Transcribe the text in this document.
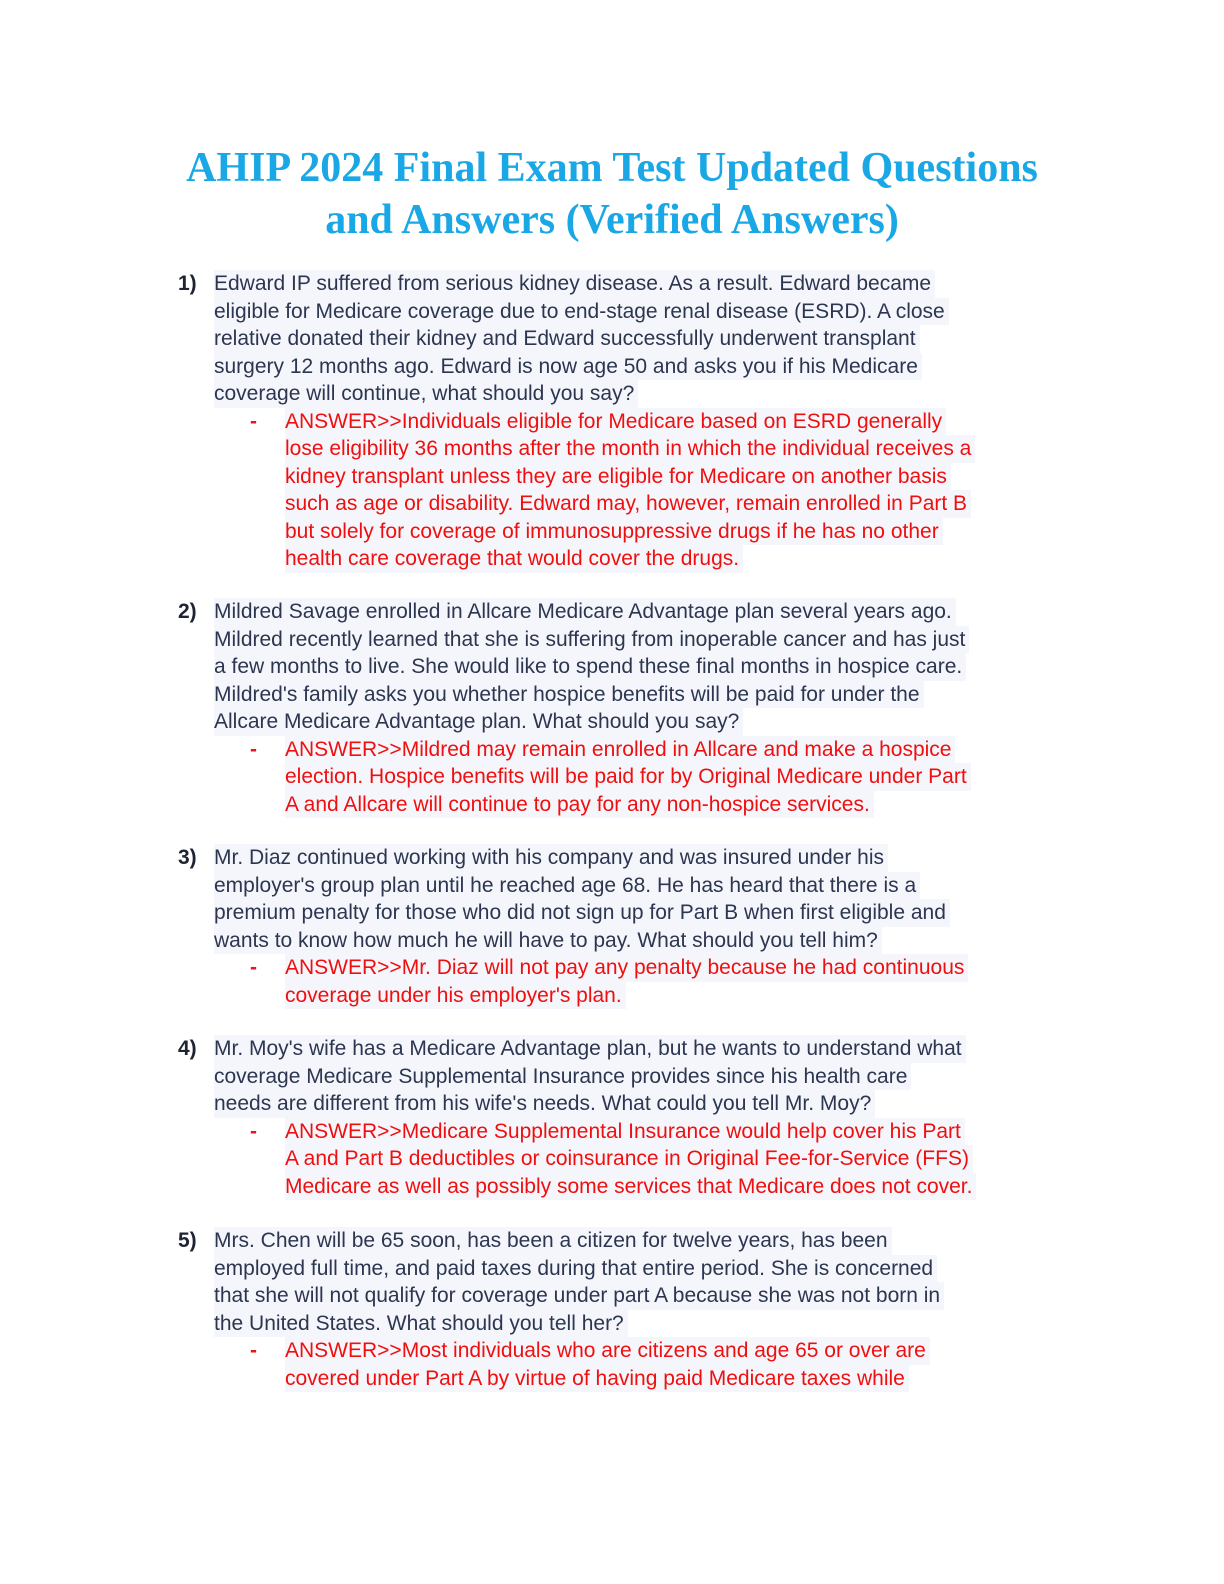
AHIP 2024 Final Exam Test Updated Questions
and Answers (Verified Answers)
1) Edward IP suffered from serious kidney disease. As a result. Edward became
eligible for Medicare coverage due to end-stage renal disease (ESRD). A close
relative donated their kidney and Edward successfully underwent transplant
surgery 12 months ago. Edward is now age 50 and asks you if his Medicare
coverage will continue, what should you say?
- ANSWER>>Individuals eligible for Medicare based on ESRD generally
lose eligibility 36 months after the month in which the individual receives a
kidney transplant unless they are eligible for Medicare on another basis
such as age or disability. Edward may, however, remain enrolled in Part B
but solely for coverage of immunosuppressive drugs if he has no other
health care coverage that would cover the drugs.
2) Mildred Savage enrolled in Allcare Medicare Advantage plan several years ago.
Mildred recently learned that she is suffering from inoperable cancer and has just
a few months to live. She would like to spend these final months in hospice care.
Mildred's family asks you whether hospice benefits will be paid for under the
Allcare Medicare Advantage plan. What should you say?
- ANSWER>>Mildred may remain enrolled in Allcare and make a hospice
election. Hospice benefits will be paid for by Original Medicare under Part
A and Allcare will continue to pay for any non-hospice services.
3) Mr. Diaz continued working with his company and was insured under his
employer's group plan until he reached age 68. He has heard that there is a
premium penalty for those who did not sign up for Part B when first eligible and
wants to know how much he will have to pay. What should you tell him?
- ANSWER>>Mr. Diaz will not pay any penalty because he had continuous
coverage under his employer's plan.
4) Mr. Moy's wife has a Medicare Advantage plan, but he wants to understand what
coverage Medicare Supplemental Insurance provides since his health care
needs are different from his wife's needs. What could you tell Mr. Moy?
- ANSWER>>Medicare Supplemental Insurance would help cover his Part
A and Part B deductibles or coinsurance in Original Fee-for-Service (FFS)
Medicare as well as possibly some services that Medicare does not cover.
5) Mrs. Chen will be 65 soon, has been a citizen for twelve years, has been
employed full time, and paid taxes during that entire period. She is concerned
that she will not qualify for coverage under part A because she was not born in
the United States. What should you tell her?
- ANSWER>>Most individuals who are citizens and age 65 or over are
covered under Part A by virtue of having paid Medicare taxes while
